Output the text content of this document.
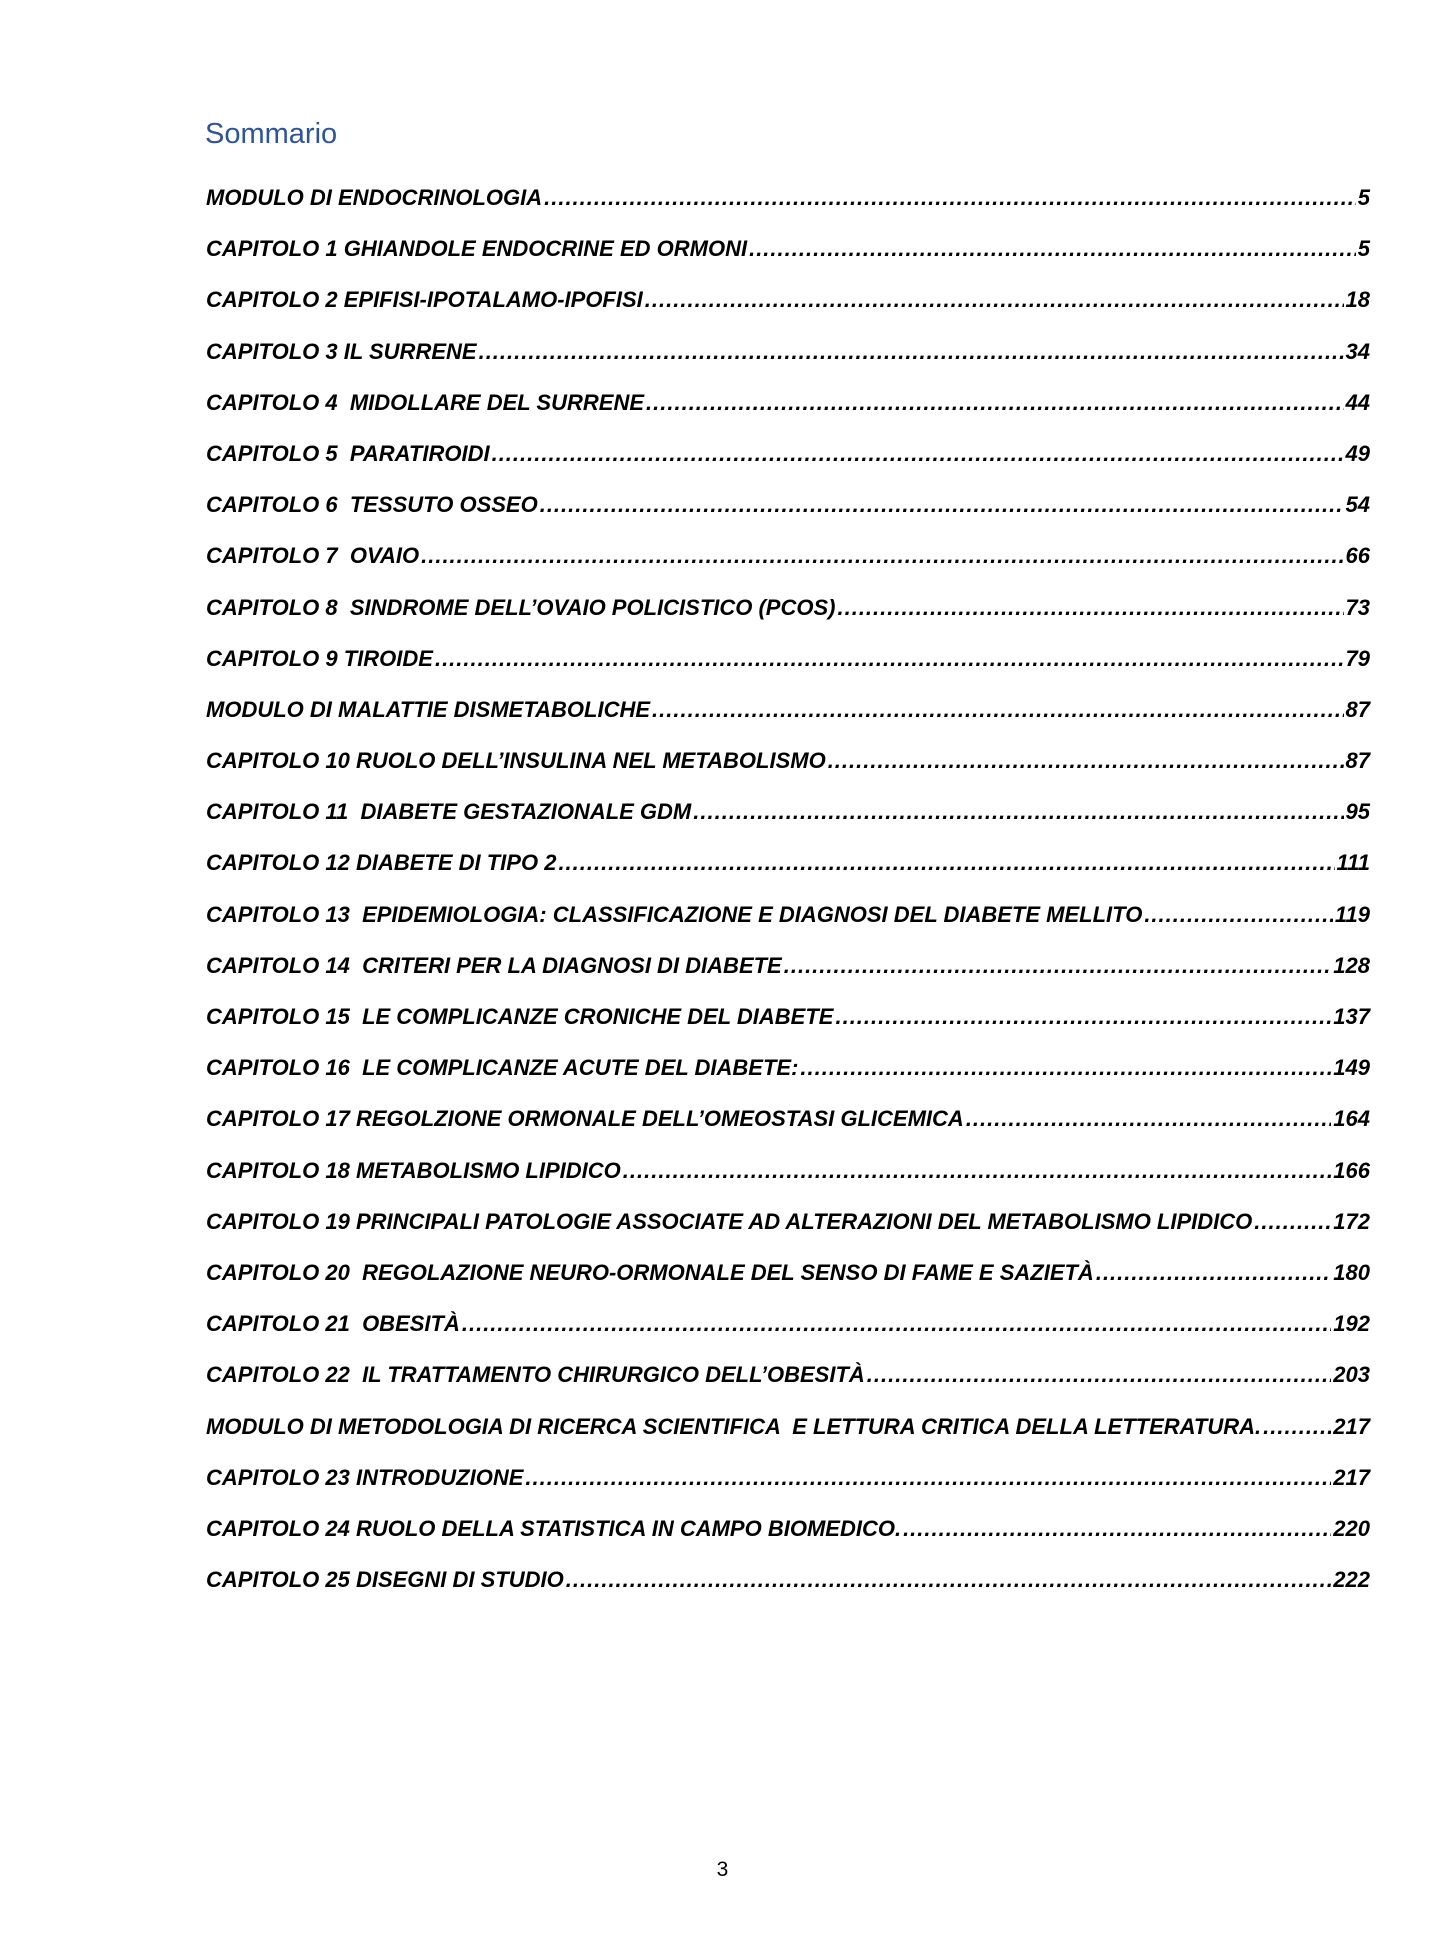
Sommario
MODULO DI ENDOCRINOLOGIA .....	5
CAPITOLO 1 GHIANDOLE ENDOCRINE ED ORMONI .....	5
CAPITOLO 2 EPIFISI-IPOTALAMO-IPOFISI .....	18
CAPITOLO 3 IL SURRENE .....	34
CAPITOLO 4  MIDOLLARE DEL SURRENE .....	44
CAPITOLO 5  PARATIROIDI .....	49
CAPITOLO 6  TESSUTO OSSEO .....	54
CAPITOLO 7  OVAIO .....	66
CAPITOLO 8  SINDROME DELL’OVAIO POLICISTICO (PCOS) .....	73
CAPITOLO 9 TIROIDE .....	79
MODULO DI MALATTIE DISMETABOLICHE .....	87
CAPITOLO 10 RUOLO DELL’INSULINA NEL METABOLISMO .....	87
CAPITOLO 11  DIABETE GESTAZIONALE GDM .....	95
CAPITOLO 12 DIABETE DI TIPO 2 .....	111
CAPITOLO 13  EPIDEMIOLOGIA: CLASSIFICAZIONE E DIAGNOSI DEL DIABETE MELLITO .....	119
CAPITOLO 14  CRITERI PER LA DIAGNOSI DI DIABETE .....	128
CAPITOLO 15  LE COMPLICANZE CRONICHE DEL DIABETE .....	137
CAPITOLO 16  LE COMPLICANZE ACUTE DEL DIABETE: .....	149
CAPITOLO 17 REGOLZIONE ORMONALE DELL’OMEOSTASI GLICEMICA .....	164
CAPITOLO 18 METABOLISMO LIPIDICO .....	166
CAPITOLO 19 PRINCIPALI PATOLOGIE ASSOCIATE AD ALTERAZIONI DEL METABOLISMO LIPIDICO .....	172
CAPITOLO 20  REGOLAZIONE NEURO-ORMONALE DEL SENSO DI FAME E SAZIETÀ .....	180
CAPITOLO 21  OBESITÀ .....	192
CAPITOLO 22  IL TRATTAMENTO CHIRURGICO DELL’OBESITÀ .....	203
MODULO DI METODOLOGIA DI RICERCA SCIENTIFICA  E LETTURA CRITICA DELLA LETTERATURA. .....	217
CAPITOLO 23 INTRODUZIONE .....	217
CAPITOLO 24 RUOLO DELLA STATISTICA IN CAMPO BIOMEDICO. .....	220
CAPITOLO 25 DISEGNI DI STUDIO .....	222
3
